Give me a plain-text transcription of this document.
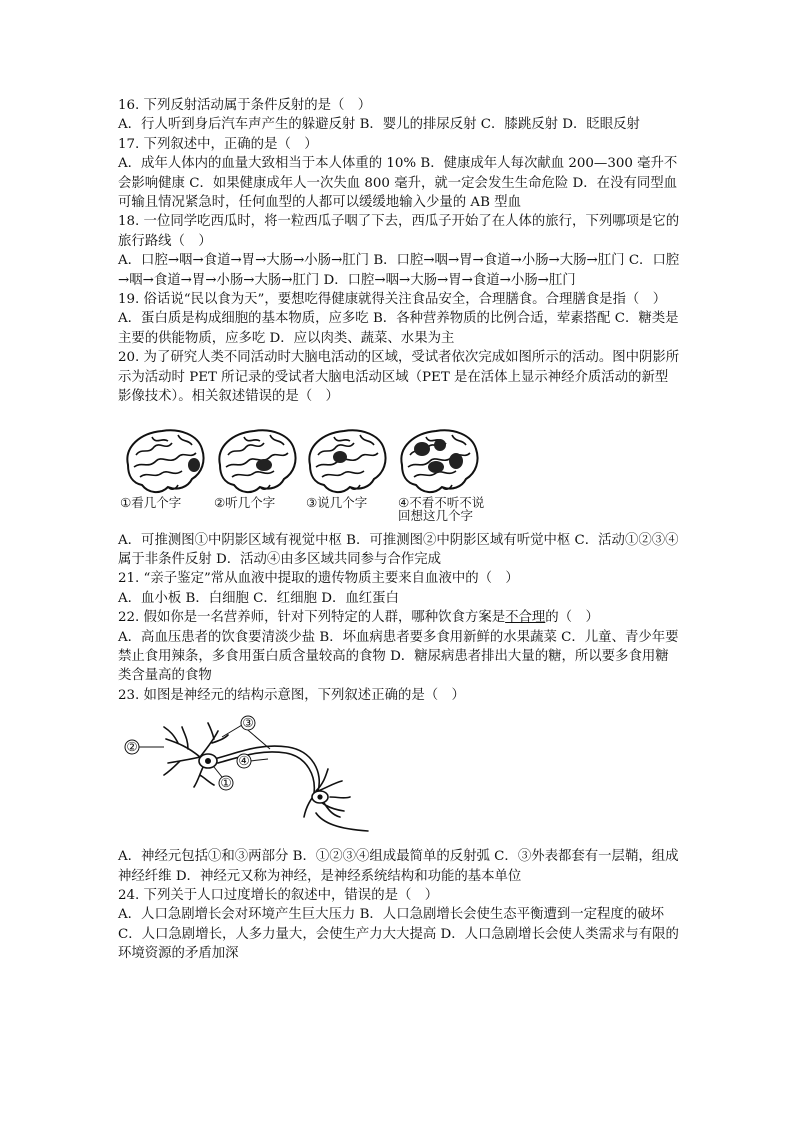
16. 下列反射活动属于条件反射的是（　）

A．行人听到身后汽车声产生的躲避反射 B．婴儿的排尿反射 C．膝跳反射 D．眨眼反射

17. 下列叙述中，正确的是（　）

A．成年人体内的血量大致相当于本人体重的 10% B．健康成年人每次献血 200—300 毫升不会影响健康 C．如果健康成年人一次失血 800 毫升，就一定会发生生命危险 D．在没有同型血可输且情况紧急时，任何血型的人都可以缓缓地输入少量的 AB 型血

18. 一位同学吃西瓜时，将一粒西瓜子咽了下去，西瓜子开始了在人体的旅行，下列哪项是它的旅行路线（　）

A．口腔→咽→食道→胃→大肠→小肠→肛门 B．口腔→咽→胃→食道→小肠→大肠→肛门 C．口腔→咽→食道→胃→小肠→大肠→肛门 D．口腔→咽→大肠→胃→食道→小肠→肛门

19. 俗话说“民以食为天”，要想吃得健康就得关注食品安全，合理膳食。合理膳食是指（　）

A．蛋白质是构成细胞的基本物质，应多吃 B．各种营养物质的比例合适，荤素搭配 C．糖类是主要的供能物质，应多吃 D．应以肉类、蔬菜、水果为主

20. 为了研究人类不同活动时大脑电活动的区域，受试者依次完成如图所示的活动。图中阴影所示为活动时 PET 所记录的受试者大脑电活动区域（PET 是在活体上显示神经介质活动的新型影像技术）。相关叙述错误的是（　）

①看几个字	②听几个字 ③说几个字 ④不看不听不说
回想这几个字

A．可推测图①中阴影区域有视觉中枢 B．可推测图②中阴影区域有听觉中枢 C．活动①②③④属于非条件反射 D．活动④由多区域共同参与合作完成

21. “亲子鉴定”常从血液中提取的遗传物质主要来自血液中的（　）

A．血小板 B．白细胞 C．红细胞 D．血红蛋白

22. 假如你是一名营养师，针对下列特定的人群，哪种饮食方案是不合理的（　）

A．高血压患者的饮食要清淡少盐 B．坏血病患者要多食用新鲜的水果蔬菜 C．儿童、青少年要禁止食用辣条，多食用蛋白质含量较高的食物 D．糖尿病患者排出大量的糖，所以要多食用糖类含量高的食物

23. 如图是神经元的结构示意图，下列叙述正确的是（　）

①
②
③
④

A．神经元包括①和③两部分 B．①②③④组成最简单的反射弧 C．③外表都套有一层鞘，组成神经纤维 D．神经元又称为神经，是神经系统结构和功能的基本单位

24. 下列关于人口过度增长的叙述中，错误的是（　）

A．人口急剧增长会对环境产生巨大压力 B．人口急剧增长会使生态平衡遭到一定程度的破坏 C．人口急剧增长，人多力量大，会使生产力大大提高 D．人口急剧增长会使人类需求与有限的环境资源的矛盾加深
